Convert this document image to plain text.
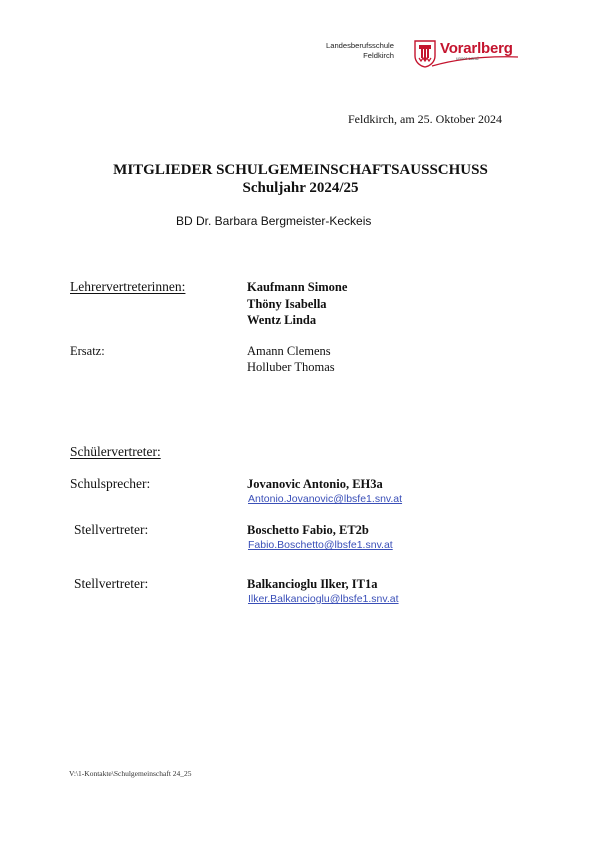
Landesberufsschule
Feldkirch	Vorarlberg
unser Land
Feldkirch, am 25. Oktober 2024
MITGLIEDER SCHULGEMEINSCHAFTSAUSSCHUSS
Schuljahr 2024/25
BD Dr. Barbara Bergmeister-Keckeis
Lehrervertreterinnen:	Kaufmann Simone
Thöny Isabella
Wentz Linda
Ersatz:	Amann Clemens
Holluber Thomas
Schülervertreter:
Schulsprecher:	Jovanovic Antonio, EH3a
Antonio.Jovanovic@lbsfe1.snv.at
Stellvertreter:	Boschetto Fabio, ET2b
Fabio.Boschetto@lbsfe1.snv.at
Stellvertreter:	Balkancioglu Ilker, IT1a
Ilker.Balkancioglu@lbsfe1.snv.at
V:\1-Kontakte\Schulgemeinschaft 24_25
